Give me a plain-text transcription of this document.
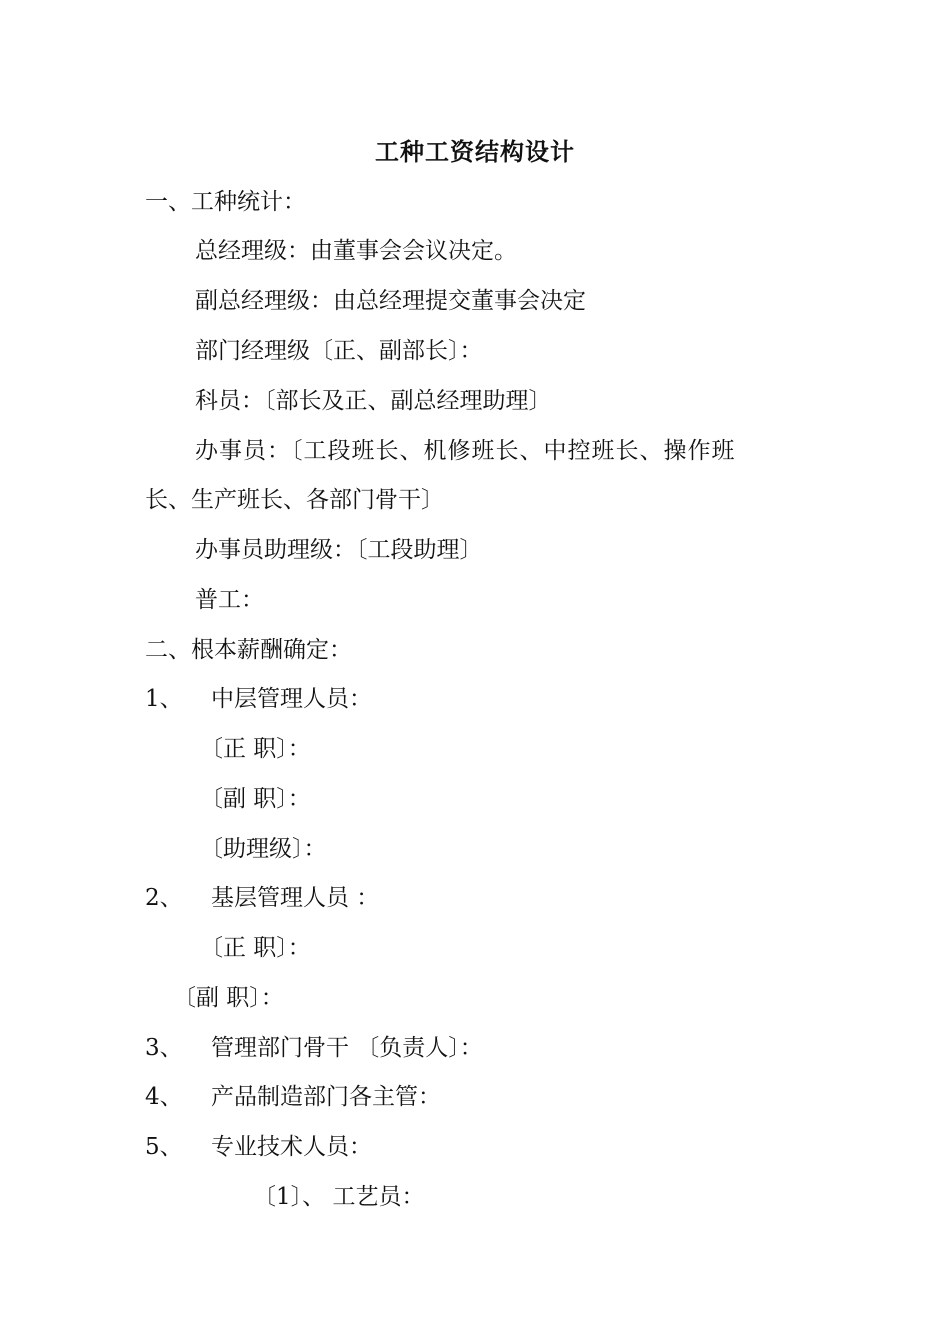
工种工资结构设计
一、工种统计：
总经理级：由董事会会议决定。
副总经理级：由总经理提交董事会决定
部门经理级〔正、副部长〕：
科员：〔部长及正、副总经理助理〕
办事员：〔工段班长、机修班长、中控班长、操作班
长、生产班长、各部门骨干〕
办事员助理级：〔工段助理〕
普工：
二、根本薪酬确定：
1、 中层管理人员：
〔正 职〕：
〔副 职〕：
〔助理级〕：
2、 基层管理人员 ：
〔正 职〕：
〔副 职〕：
3、 管理部门骨干 〔负责人〕：
4、 产品制造部门各主管：
5、 专业技术人员：
〔1〕、 工艺员：
